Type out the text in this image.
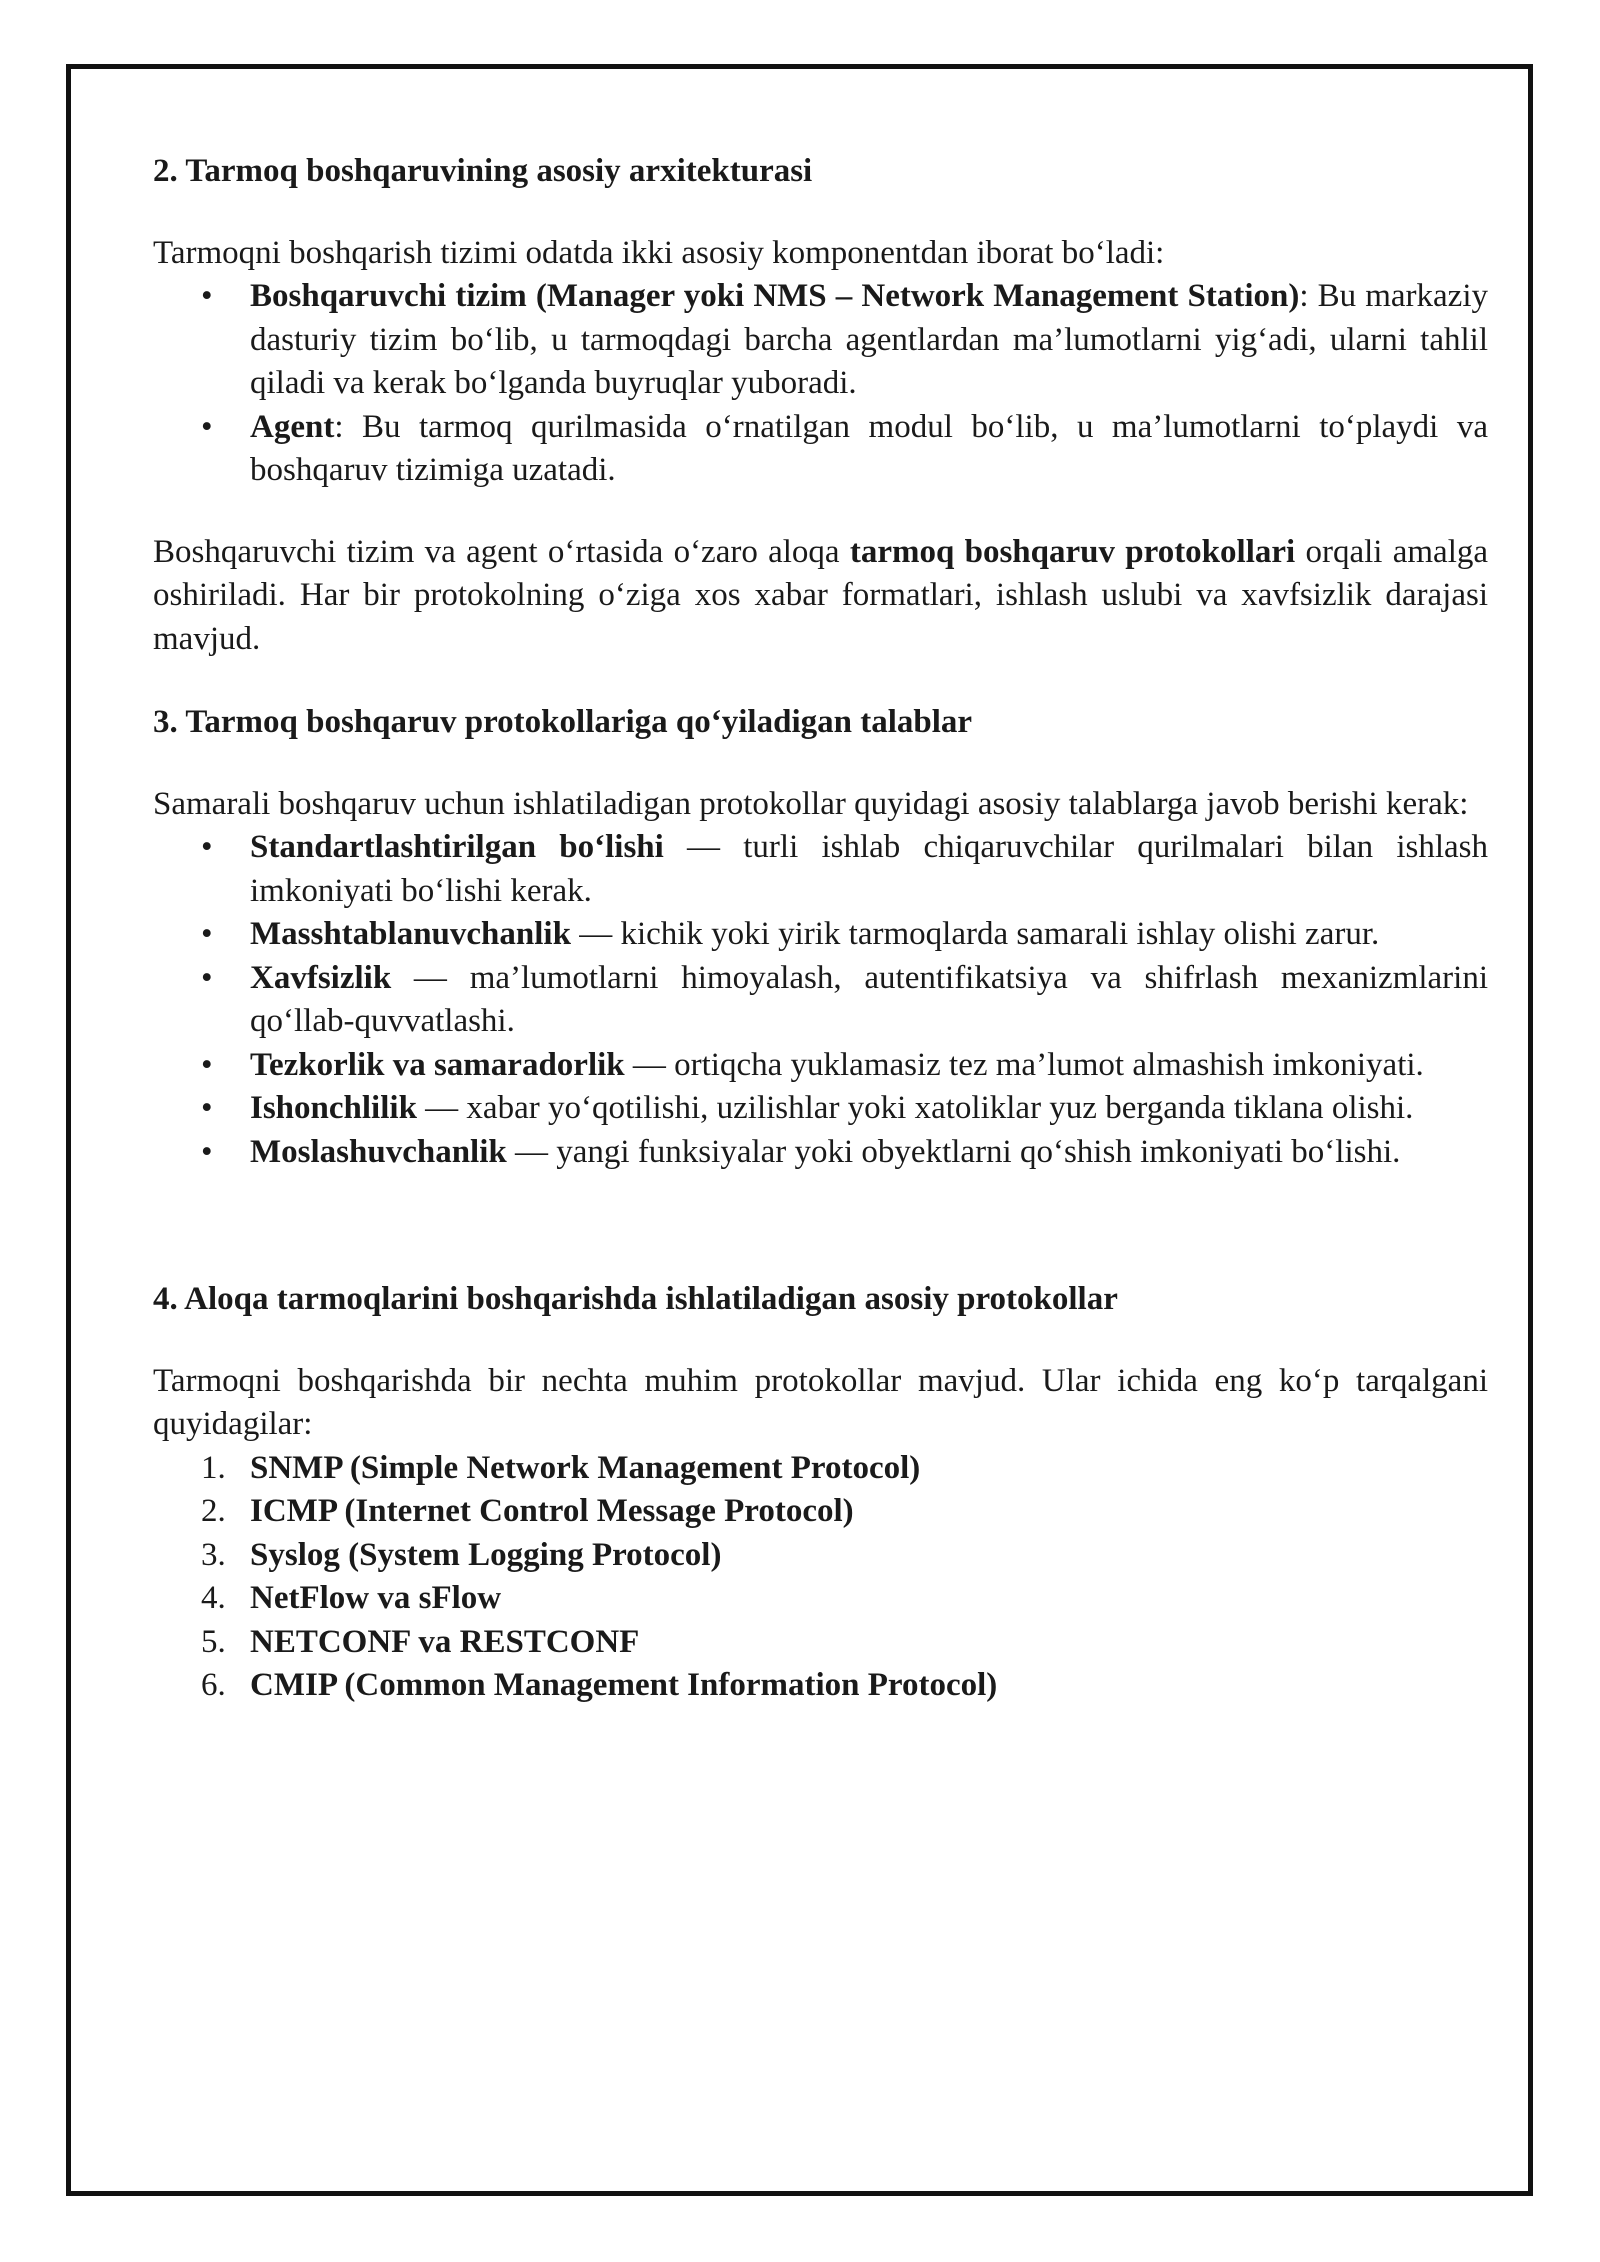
2. Tarmoq boshqaruvining asosiy arxitekturasi

Tarmoqni boshqarish tizimi odatda ikki asosiy komponentdan iborat bo‘ladi:

• Boshqaruvchi tizim (Manager yoki NMS – Network Management Station): Bu markaziy dasturiy tizim bo‘lib, u tarmoqdagi barcha agentlardan ma’lumotlarni yig‘adi, ularni tahlil qiladi va kerak bo‘lganda buyruqlar yuboradi.
• Agent: Bu tarmoq qurilmasida o‘rnatilgan modul bo‘lib, u ma’lumotlarni to‘playdi va boshqaruv tizimiga uzatadi.

Boshqaruvchi tizim va agent o‘rtasida o‘zaro aloqa tarmoq boshqaruv protokollari orqali amalga oshiriladi. Har bir protokolning o‘ziga xos xabar formatlari, ishlash uslubi va xavfsizlik darajasi mavjud.

3. Tarmoq boshqaruv protokollariga qo‘yiladigan talablar

Samarali boshqaruv uchun ishlatiladigan protokollar quyidagi asosiy talablarga javob berishi kerak:

• Standartlashtirilgan bo‘lishi — turli ishlab chiqaruvchilar qurilmalari bilan ishlash imkoniyati bo‘lishi kerak.
• Masshtablanuvchanlik — kichik yoki yirik tarmoqlarda samarali ishlay olishi zarur.
• Xavfsizlik — ma’lumotlarni himoyalash, autentifikatsiya va shifrlash mexanizmlarini qo‘llab-quvvatlashi.
• Tezkorlik va samaradorlik — ortiqcha yuklamasiz tez ma’lumot almashish imkoniyati.
• Ishonchlilik — xabar yo‘qotilishi, uzilishlar yoki xatoliklar yuz berganda tiklana olishi.
• Moslashuvchanlik — yangi funksiyalar yoki obyektlarni qo‘shish imkoniyati bo‘lishi.
4. Aloqa tarmoqlarini boshqarishda ishlatiladigan asosiy protokollar

Tarmoqni boshqarishda bir nechta muhim protokollar mavjud. Ular ichida eng ko‘p tarqalgani quyidagilar:

1. SNMP (Simple Network Management Protocol)
2. ICMP (Internet Control Message Protocol)
3. Syslog (System Logging Protocol)
4. NetFlow va sFlow
5. NETCONF va RESTCONF
6. CMIP (Common Management Information Protocol)
